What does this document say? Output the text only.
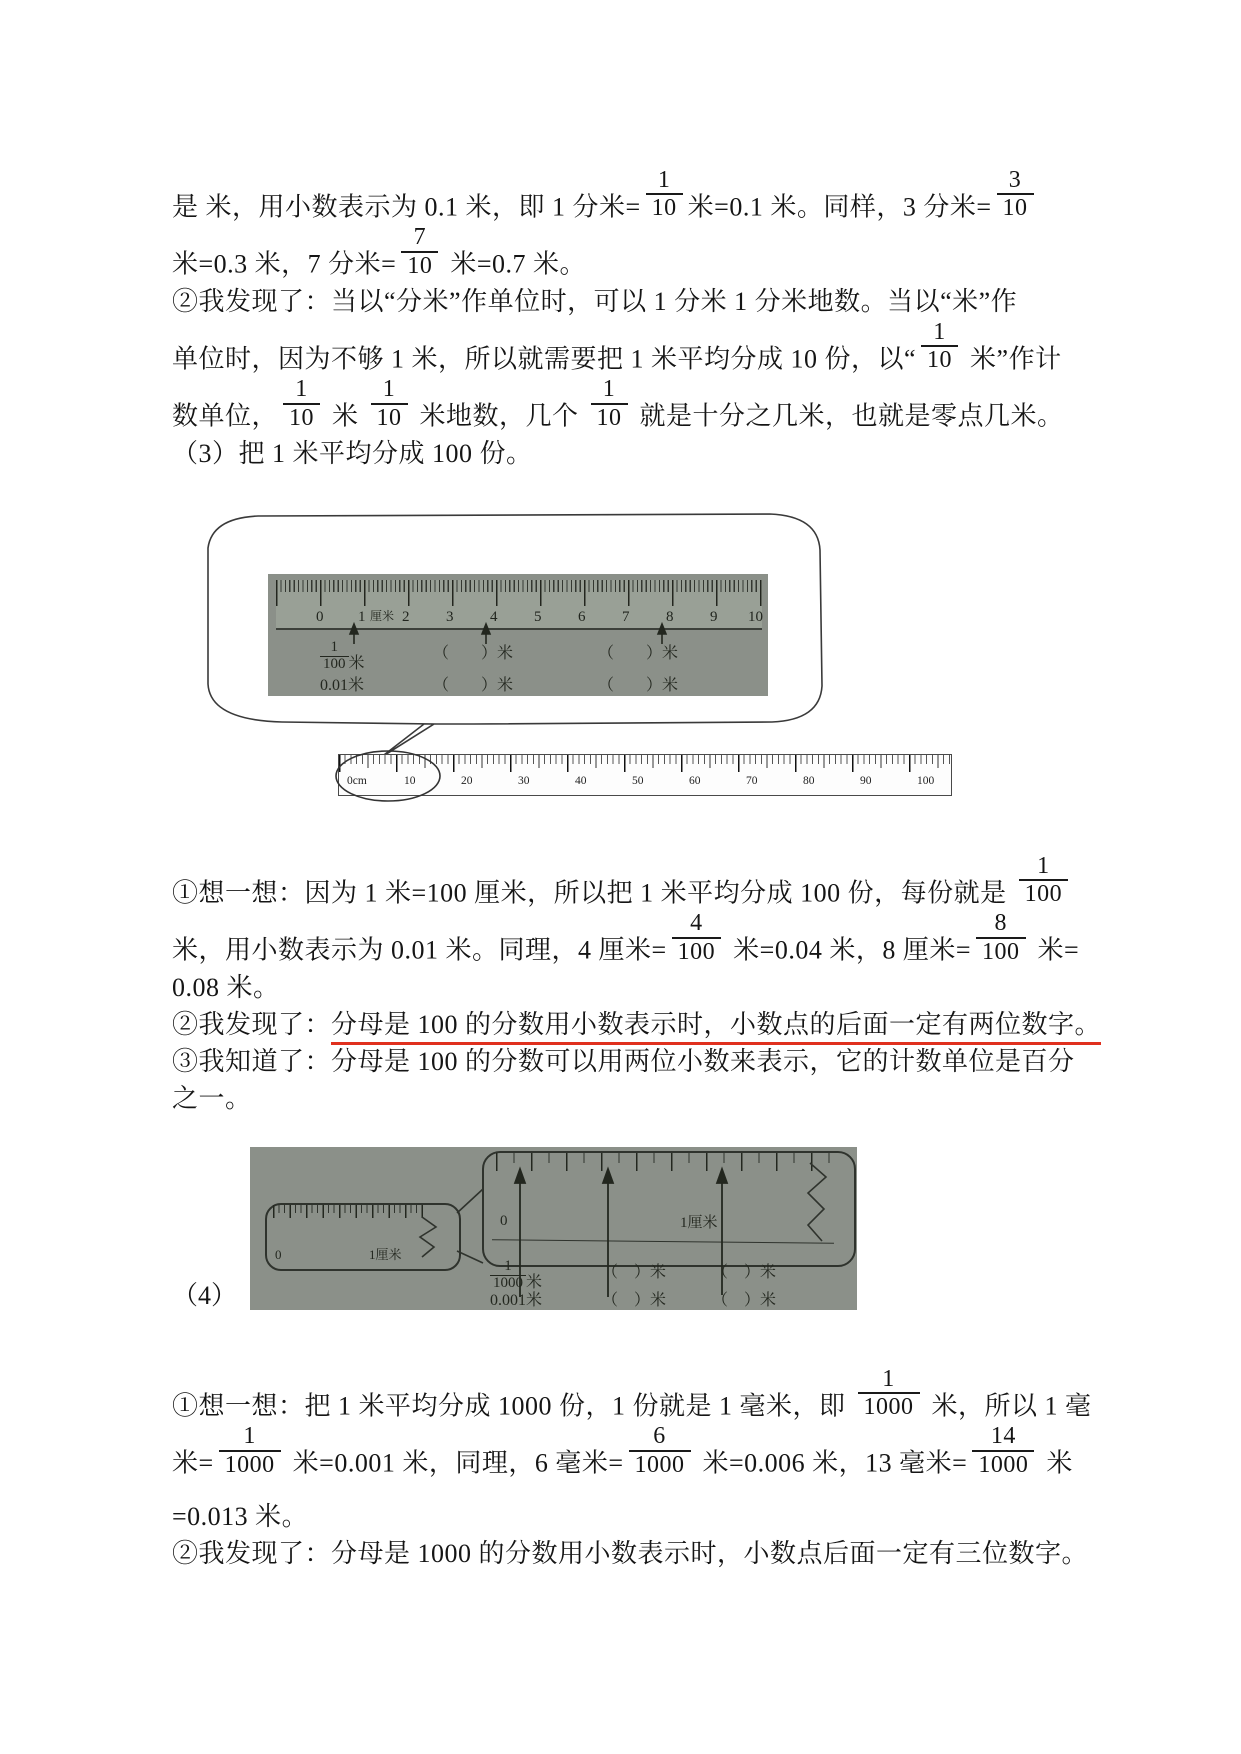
是 米，用小数表示为 0.1 米，即 1 分米= $\frac{1}{10}$ 米=0.1 米。同样，3 分米= $\frac{3}{10}$
米=0.3 米，7 分米= $\frac{7}{10}$ 米=0.7 米。
②我发现了：当以“分米”作单位时，可以 1 分米 1 分米地数。当以“米”作
单位时，因为不够 1 米，所以就需要把 1 米平均分成 10 份，以“ $\frac{1}{10}$ 米”作计
数单位， $\frac{1}{10}$ 米 $\frac{1}{10}$ 米地数，几个 $\frac{1}{10}$ 就是十分之几米，也就是零点几米。
（3）把 1 米平均分成 100 份。
0 1 厘米 2 3 4 5 6 7 8 9 10
$\frac{1}{100}$ 米
（　　）米	（　　）米
0.01米	（　　）米	（　　）米
0cm	10	20	30	40	50	60	70	80	90	100
①想一想：因为 1 米=100 厘米，所以把 1 米平均分成 100 份，每份就是 $\frac{1}{100}$
米，用小数表示为 0.01 米。同理，4 厘米= $\frac{4}{100}$ 米=0.04 米，8 厘米= $\frac{8}{100}$ 米=
0.08 米。
②我发现了：分母是 100 的分数用小数表示时，小数点的后面一定有两位数字。
③我知道了：分母是 100 的分数可以用两位小数来表示，它的计数单位是百分
之一。
0	1厘米
0	1厘米
$\frac{1}{1000}$ 米
（　）米	（　）米
0.001米	（　）米	（　）米
（4）
①想一想：把 1 米平均分成 1000 份，1 份就是 1 毫米，即 $\frac{1}{1000}$ 米，所以 1 毫
米= $\frac{1}{1000}$ 米=0.001 米，同理，6 毫米= $\frac{6}{1000}$ 米=0.006 米，13 毫米= $\frac{14}{1000}$ 米
=0.013 米。
②我发现了：分母是 1000 的分数用小数表示时，小数点后面一定有三位数字。
